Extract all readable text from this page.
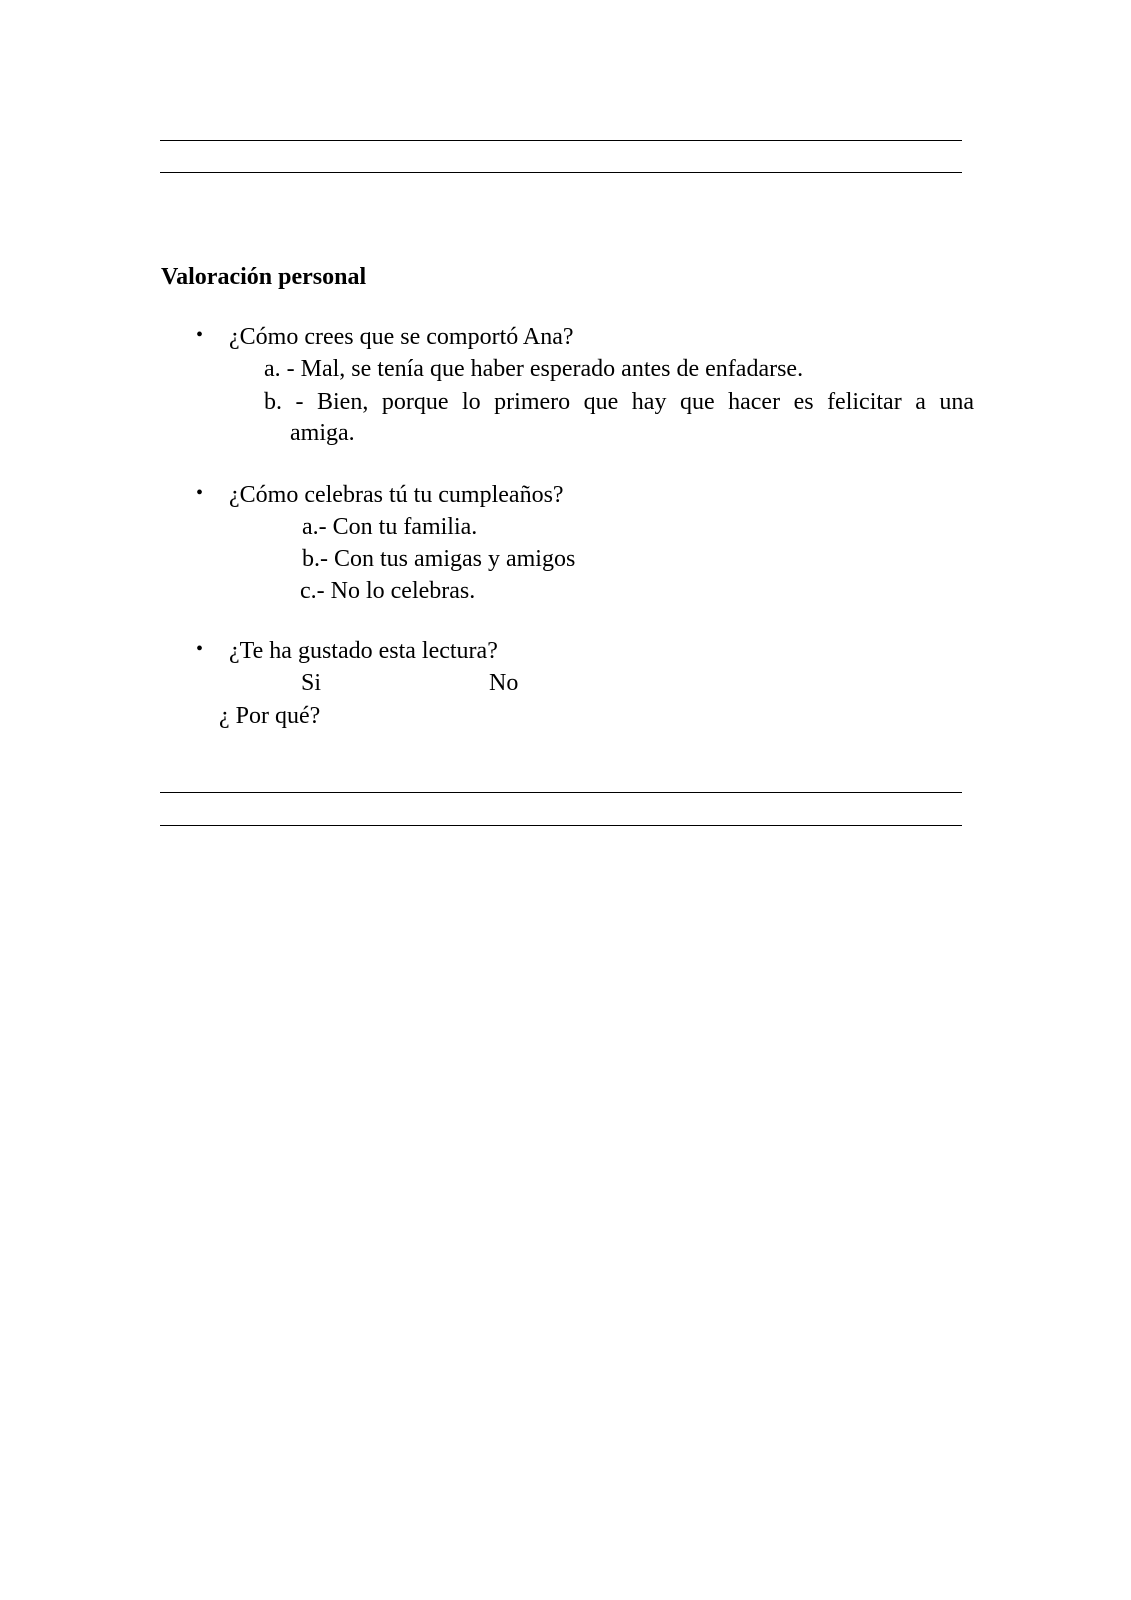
Valoración personal
• ¿Cómo crees que se comportó Ana?
a. - Mal, se tenía que haber esperado antes de enfadarse.
b. - Bien, porque lo primero que hay que hacer es felicitar a una
amiga.
• ¿Cómo celebras tú tu cumpleaños?
a.- Con tu familia.
b.- Con tus amigas y amigos
c.- No lo celebras.
• ¿Te ha gustado esta lectura?
Si	No
¿ Por qué?
